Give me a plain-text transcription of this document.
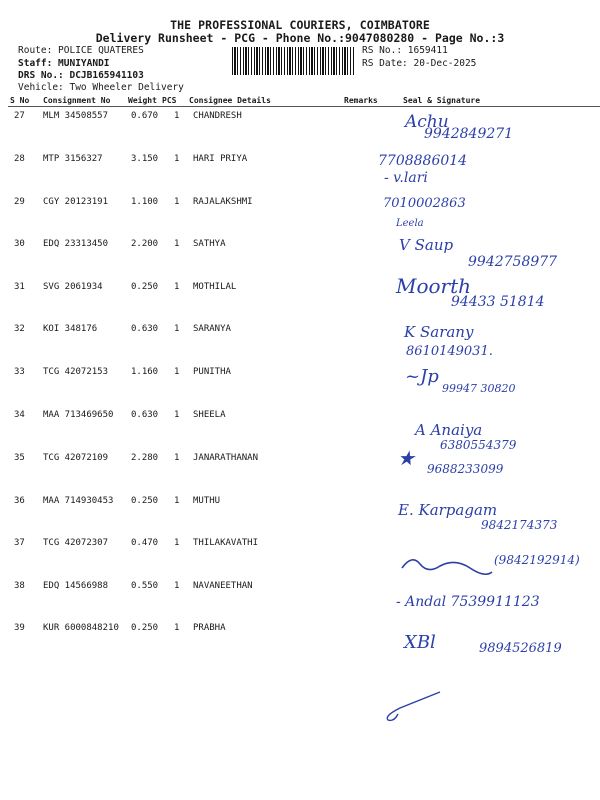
THE PROFESSIONAL COURIERS, COIMBATORE
Delivery Runsheet - PCG - Phone No.:9047080280 - Page No.:3
Route: POLICE QUATERES
Staff: MUNIYANDI
DRS No.: DCJB165941103
Vehicle: Two Wheeler Delivery
RS No.: 1659411
RS Date: 20-Dec-2025
S No Consignment No Weight PCS Consignee Details	Remarks	Seal & Signature
27 MLM 34508557	0.670 1 CHANDRESH
28 MTP 3156327	3.150 1 HARI PRIYA
29 CGY 20123191	1.100 1 RAJALAKSHMI
30 EDQ 23313450	2.200 1 SATHYA
31 SVG 2061934	0.250 1 MOTHILAL
32 KOI 348176	0.630 1 SARANYA
33 TCG 42072153	1.160 1 PUNITHA
34 MAA 713469650 0.630 1 SHEELA
35 TCG 42072109	2.280 1 JANARATHANAN
36 MAA 714930453 0.250 1 MUTHU
37 TCG 42072307	0.470 1 THILAKAVATHI
38 EDQ 14566988	0.550 1 NAVANEETHAN
39 KUR 6000848210 0.250 1 PRABHA
Achu
9942849271
7708886014
- v.lari
7010002863
Leela
V Saup
9942758977
Moorth
94433 51814
K Sarany
8610149031.
~Jp
99947 30820
A Anaiya
6380554379
★ 9688233099
E. Karpagam
9842174373
(9842192914)
- Andal 7539911123
XBl	9894526819
